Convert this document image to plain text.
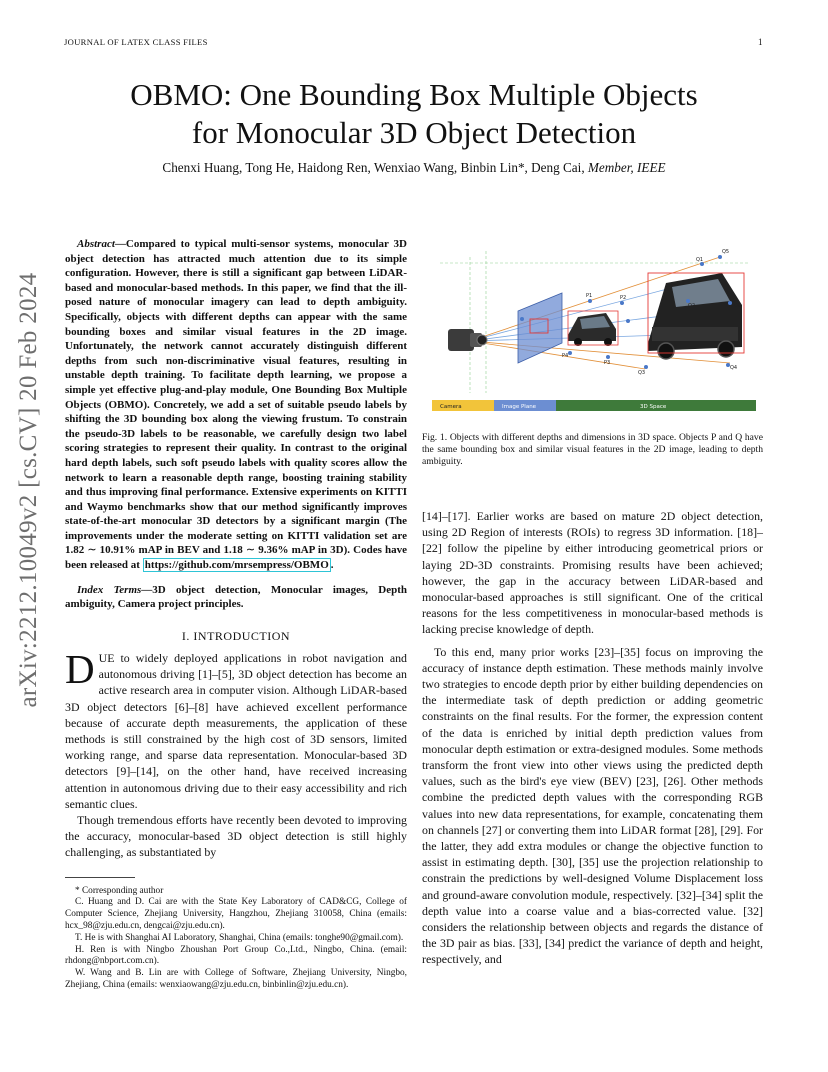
JOURNAL OF LATEX CLASS FILES	1
arXiv:2212.10049v2 [cs.CV] 20 Feb 2024
OBMO: One Bounding Box Multiple Objects
for Monocular 3D Object Detection
Chenxi Huang, Tong He, Haidong Ren, Wenxiao Wang, Binbin Lin*, Deng Cai, Member, IEEE

Abstract—Compared to typical multi-sensor systems, monocular 3D object detection has attracted much attention due to its simple configuration. However, there is still a significant gap between LiDAR-based and monocular-based methods. In this paper, we find that the ill-posed nature of monocular imagery can lead to depth ambiguity. Specifically, objects with different depths can appear with the same bounding boxes and similar visual features in the 2D image. Unfortunately, the network cannot accurately distinguish different depths from such non-discriminative visual features, resulting in unstable depth training. To facilitate depth learning, we propose a simple yet effective plug-and-play module, One Bounding Box Multiple Objects (OBMO). Concretely, we add a set of suitable pseudo labels by shifting the 3D bounding box along the viewing frustum. To constrain the pseudo-3D labels to be reasonable, we carefully design two label scoring strategies to represent their quality. In contrast to the original hard depth labels, such soft pseudo labels with quality scores allow the network to learn a reasonable depth range, boosting training stability and thus improving final performance. Extensive experiments on KITTI and Waymo benchmarks show that our method significantly improves state-of-the-art monocular 3D detectors by a significant margin (The improvements under the moderate setting on KITTI validation set are 1.82 ∼ 10.91% mAP in BEV and 1.18 ∼ 9.36% mAP in 3D). Codes have been released at https://github.com/mrsempress/OBMO .

Index Terms—3D object detection, Monocular images, Depth ambiguity, Camera project principles.

I. INTRODUCTION

DUE to widely deployed applications in robot navigation and autonomous driving [1]–[5], 3D object detection has become an active research area in computer vision. Although LiDAR-based 3D object detectors [6]–[8] have achieved excellent performance because of accurate depth measurements, the application of these methods is still constrained by the high cost of 3D sensors, limited working range, and sparse data representation. Monocular-based 3D detectors [9]–[14], on the other hand, have received increasing attention in autonomous driving due to their easy accessibility and rich semantic clues.

Though tremendous efforts have recently been devoted to improving the accuracy, monocular-based 3D object detection is still highly challenging, as substantiated by

* Corresponding author

C. Huang and D. Cai are with the State Key Laboratory of CAD&CG, College of Computer Science, Zhejiang University, Hangzhou, Zhejiang 310058, China (emails: hcx_98@zju.edu.cn, dengcai@zju.edu.cn).

T. He is with Shanghai AI Laboratory, Shanghai, China (emails: tonghe90@gmail.com).

H. Ren is with Ningbo Zhoushan Port Group Co.,Ltd., Ningbo, China. (email: rhdong@nbport.com.cn).

W. Wang and B. Lin are with College of Software, Zhejiang University, Ningbo, Zhejiang, China (emails: wenxiaowang@zju.edu.cn, binbinlin@zju.edu.cn).

Q1
Q2
Q3
Q4
Q5
Q6
P1	P2
P3
P4
Camera	Image Plane	3D Space
Fig. 1. Objects with different depths and dimensions in 3D space. Objects P and Q have the same bounding box and similar visual features in the 2D image, leading to depth ambiguity.

[14]–[17]. Earlier works are based on mature 2D object detection, using 2D Region of interests (ROIs) to regress 3D information. [18]–[22] follow the pipeline by either introducing geometrical priors or laying 2D-3D constraints. Promising results have been achieved; however, the gap in the accuracy between LiDAR-based and monocular-based approaches is still significant. One of the critical reasons for the less competitiveness in monocular-based methods is lacking precise knowledge of depth.

To this end, many prior works [23]–[35] focus on improving the accuracy of instance depth estimation. These methods mainly involve two strategies to encode depth prior by either building dependencies on the intermediate task of depth prediction or adding geometric constraints on the final results. For the former, the expression content of the data is enriched by initial depth prediction values from monocular depth estimation or extra-designed modules. Some methods transform the front view into other views using the predicted depth values, such as the bird's eye view (BEV) [23], [26]. Other methods combine the predicted depth values with the corresponding RGB values into new data representations, for example, concatenating them on channels [27] or converting them into LiDAR format [28], [29]. For the latter, they add extra modules or change the objective function to assist in estimating depth. [30], [35] use the projection relationship to constrain the predictions by well-designed Volume Displacement loss and ground-aware convolution module, respectively. [32]–[34] split the depth value into a coarse value and a bias-corrected value. [32] considers the relationship between objects and regards the distance of the 3D pair as bias. [33], [34] predict the variance of depth and height, respectively, and
